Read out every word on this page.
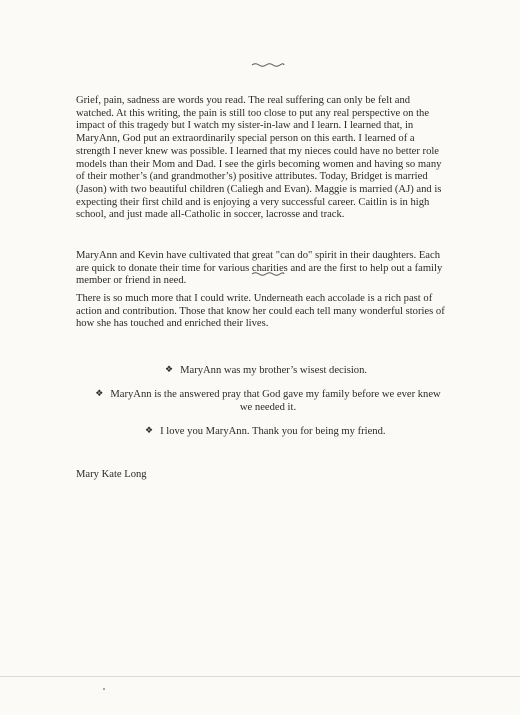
Grief, pain, sadness are words you read. The real suffering can only be felt and watched. At this writing, the pain is still too close to put any real perspective on the impact of this tragedy but I watch my sister-in-law and I learn. I learned that, in MaryAnn, God put an extraordinarily special person on this earth. I learned of a strength I never knew was possible. I learned that my nieces could have no better role models than their Mom and Dad. I see the girls becoming women and having so many of their mother’s (and grandmother’s) positive attributes. Today, Bridget is married (Jason) with two beautiful children (Caliegh and Evan). Maggie is married (AJ) and is expecting their first child and is enjoying a very successful career. Caitlin is in high school, and just made all-Catholic in soccer, lacrosse and track.

MaryAnn and Kevin have cultivated that great "can do" spirit in their daughters. Each are quick to donate their time for various charities and are the first to help out a family member or friend in need.

There is so much more that I could write. Underneath each accolade is a rich past of action and contribution. Those that know her could each tell many wonderful stories of how she has touched and enriched their lives.

❖ MaryAnn was my brother’s wisest decision.

❖ MaryAnn is the answered pray that God gave my family before we ever knew we needed it.

❖ I love you MaryAnn. Thank you for being my friend.

Mary Kate Long
